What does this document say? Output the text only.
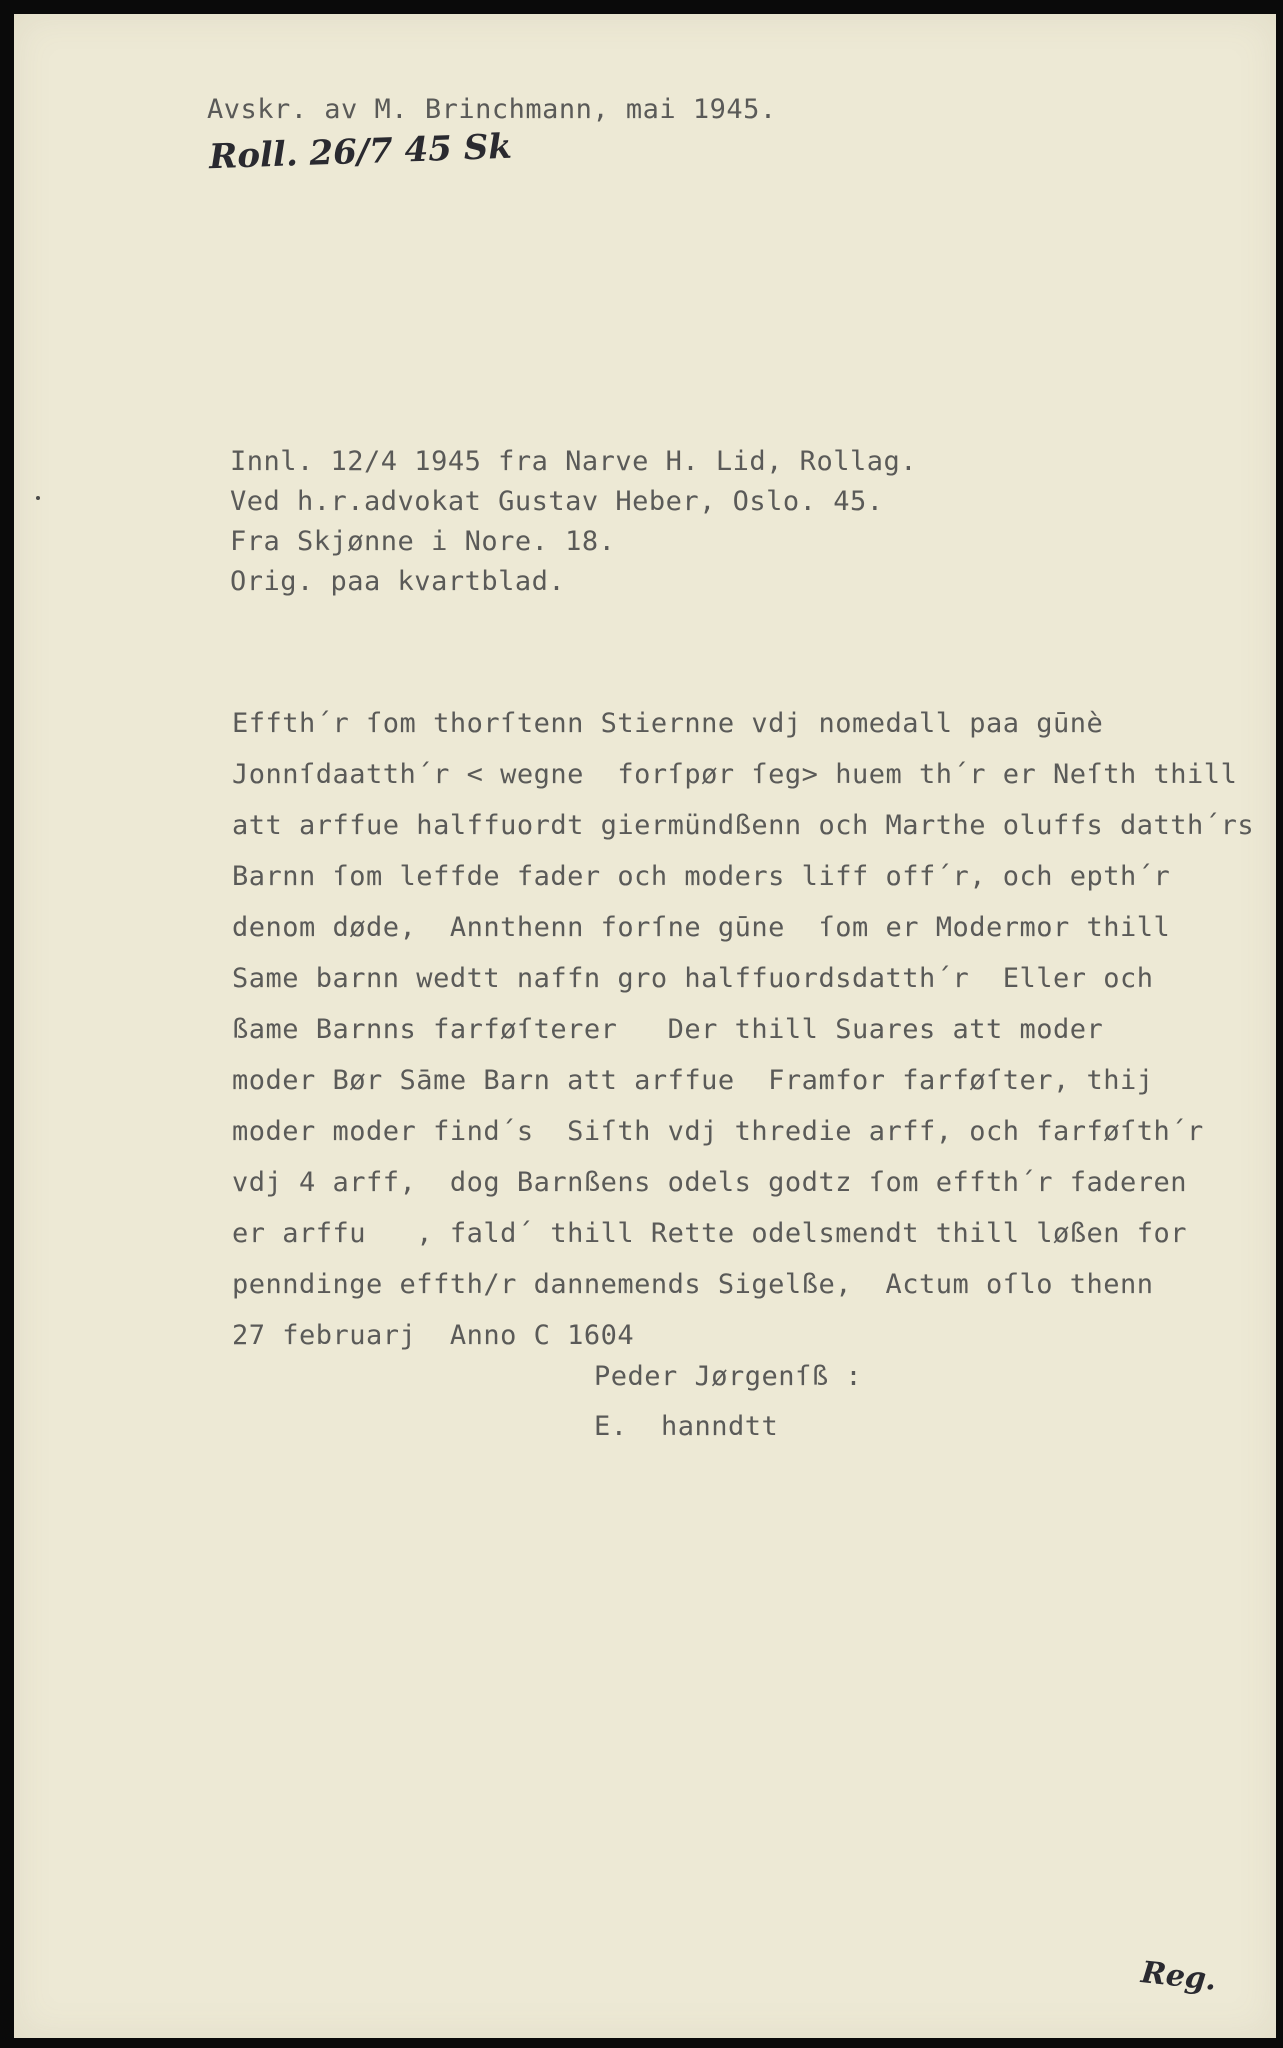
Avskr. av M. Brinchmann, mai 1945.

Roll. 26/7 45 Sk

Innl. 12/4 1945 fra Narve H. Lid, Rollag.

Ved h.r.advokat Gustav Heber, Oslo. 45.

Fra Skjønne i Nore. 18.

Orig. paa kvartblad.

Effth´r ſom thorſtenn Stiernne vdj nomedall paa gūnè

Jonnſdaatth´r < wegne  forſpør ſeg> huem th´r er Neſth thill

att arffue halffuordt giermündßenn och Marthe oluffs datth´rs

Barnn ſom leffde fader och moders liff off´r, och epth´r

denom døde,  Annthenn forſne gūne  ſom er Modermor thill

Same barnn wedtt naffn gro halffuordsdatth´r  Eller och

ßame Barnns farføſterer   Der thill Suares att moder

moder Bør Sāme Barn att arffue  Framfor farføſter, thij

moder moder find´s  Siſth vdj thredie arff, och farføſth´r

vdj 4 arff,  dog Barnßens odels godtz ſom effth´r faderen

er arffu   , fald´ thill Rette odelsmendt thill løßen for

penndinge effth/r dannemends Sigelße,  Actum oſlo thenn

27 februarj  Anno C 1604

Peder Jørgenſß :

E.  hanndtt

Reg.
